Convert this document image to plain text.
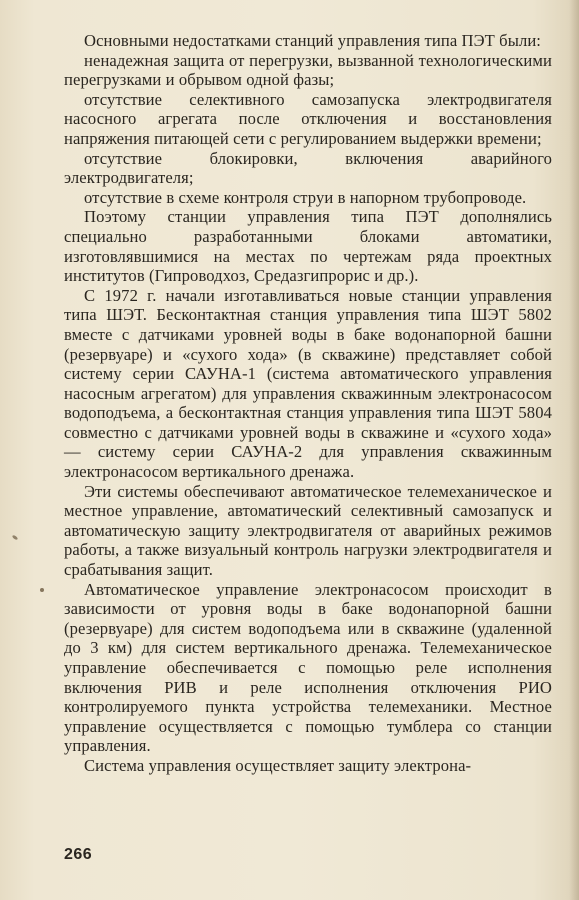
Основными недостатками станций управления типа ПЭТ были:

ненадежная защита от перегрузки, вызванной технологическими перегрузками и обрывом одной фазы;

отсутствие селективного самозапуска электродвигателя насосного агрегата после отключения и восстановления напряжения питающей сети с регулированием выдержки времени;

отсутствие блокировки, включения аварийного электродвигателя;

отсутствие в схеме контроля струи в напорном трубопроводе.

Поэтому станции управления типа ПЭТ дополнялись специально разработанными блоками автоматики, изготовлявшимися на местах по чертежам ряда проектных институтов (Гипроводхоз, Средазгипрорис и др.).

С 1972 г. начали изготавливаться новые станции управления типа ШЭТ. Бесконтактная станция управления типа ШЭТ 5802 вместе с датчиками уровней воды в баке водонапорной башни (резервуаре) и «сухого хода» (в скважине) представляет собой систему серии САУНА-1 (система автоматического управления насосным агрегатом) для управления скважинным электронасосом водоподъема, а бесконтактная станция управления типа ШЭТ 5804 совместно с датчиками уровней воды в скважине и «сухого хода» — систему серии САУНА-2 для управления скважинным электронасосом вертикального дренажа.

Эти системы обеспечивают автоматическое телемеханическое и местное управление, автоматический селективный самозапуск и автоматическую защиту электродвигателя от аварийных режимов работы, а также визуальный контроль нагрузки электродвигателя и срабатывания защит.

Автоматическое управление электронасосом происходит в зависимости от уровня воды в баке водонапорной башни (резервуаре) для систем водоподъема или в скважине (удаленной до 3 км) для систем вертикального дренажа. Телемеханическое управление обеспечивается с помощью реле исполнения включения РИВ и реле исполнения отключения РИО контролируемого пункта устройства телемеханики. Местное управление осуществляется с помощью тумблера со станции управления.

Система управления осуществляет защиту электрона-

266
